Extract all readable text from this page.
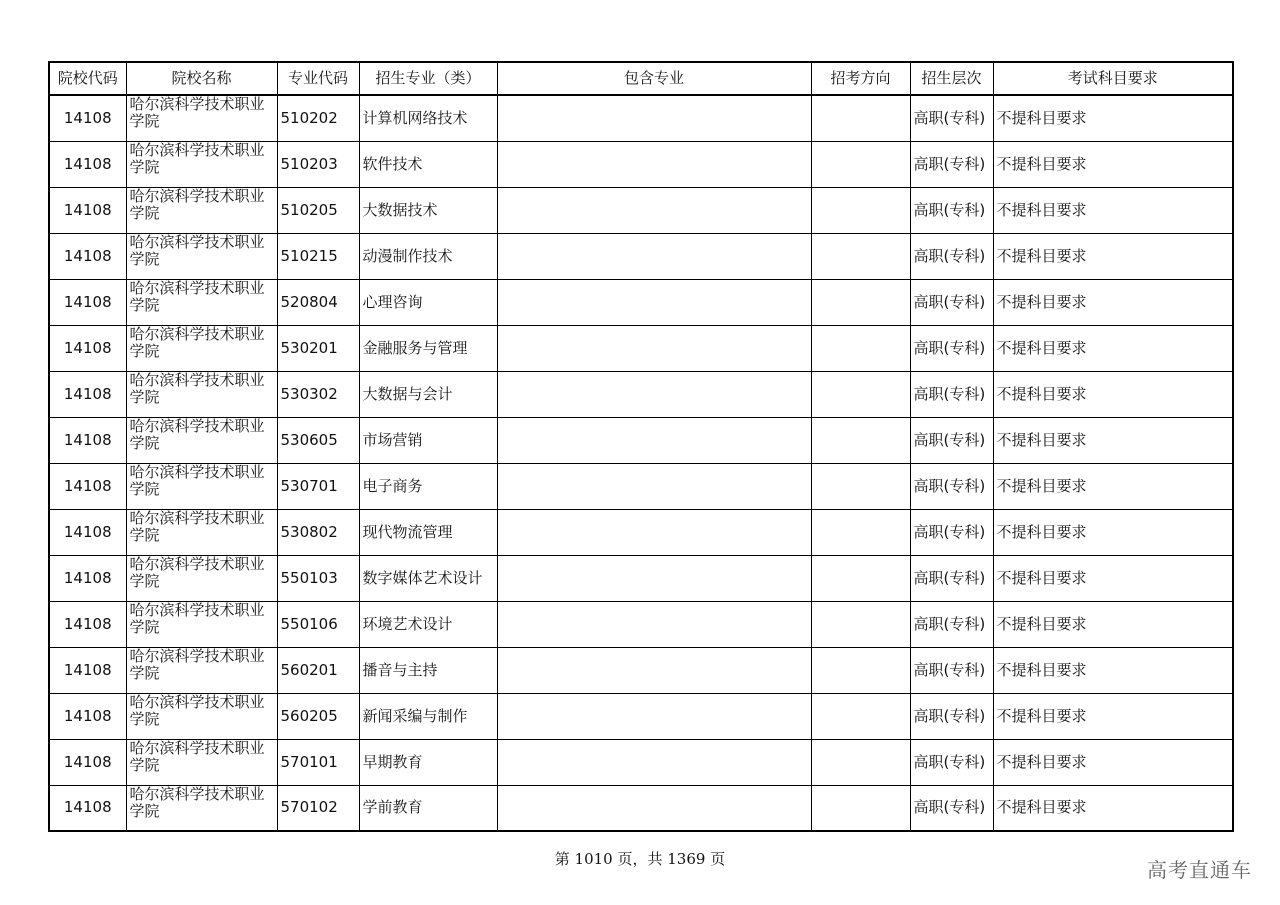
院校代码	院校名称	专业代码	招生专业（类）	包含专业	招考方向	招生层次	考试科目要求
14108	哈尔滨科学技术职业学院	510202	计算机网络技术			高职(专科)	不提科目要求
14108	哈尔滨科学技术职业学院	510203	软件技术			高职(专科)	不提科目要求
14108	哈尔滨科学技术职业学院	510205	大数据技术			高职(专科)	不提科目要求
14108	哈尔滨科学技术职业学院	510215	动漫制作技术			高职(专科)	不提科目要求
14108	哈尔滨科学技术职业学院	520804	心理咨询			高职(专科)	不提科目要求
14108	哈尔滨科学技术职业学院	530201	金融服务与管理			高职(专科)	不提科目要求
14108	哈尔滨科学技术职业学院	530302	大数据与会计			高职(专科)	不提科目要求
14108	哈尔滨科学技术职业学院	530605	市场营销			高职(专科)	不提科目要求
14108	哈尔滨科学技术职业学院	530701	电子商务			高职(专科)	不提科目要求
14108	哈尔滨科学技术职业学院	530802	现代物流管理			高职(专科)	不提科目要求
14108	哈尔滨科学技术职业学院	550103	数字媒体艺术设计			高职(专科)	不提科目要求
14108	哈尔滨科学技术职业学院	550106	环境艺术设计			高职(专科)	不提科目要求
14108	哈尔滨科学技术职业学院	560201	播音与主持			高职(专科)	不提科目要求
14108	哈尔滨科学技术职业学院	560205	新闻采编与制作			高职(专科)	不提科目要求
14108	哈尔滨科学技术职业学院	570101	早期教育			高职(专科)	不提科目要求
14108	哈尔滨科学技术职业学院	570102	学前教育			高职(专科)	不提科目要求
第 1010 页，共 1369 页	高考直通车
